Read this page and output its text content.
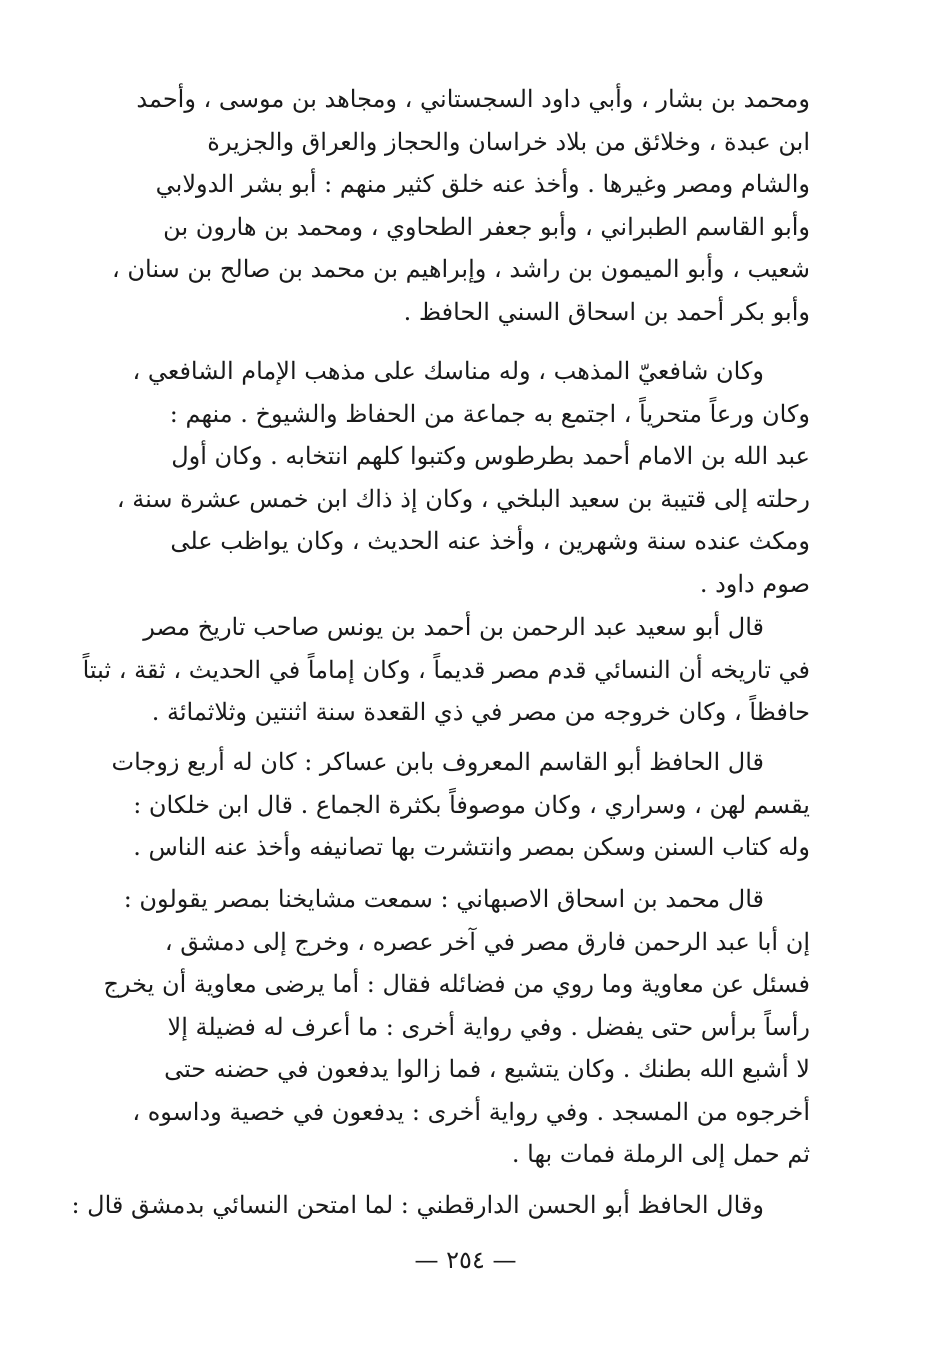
ومحمد بن بشار ، وأبي داود السجستاني ، ومجاهد بن موسى ، وأحمد
ابن عبدة ، وخلائق من بلاد خراسان والحجاز والعراق والجزيرة
والشام ومصر وغيرها . وأخذ عنه خلق كثير منهم : أبو بشر الدولابي
وأبو القاسم الطبراني ، وأبو جعفر الطحاوي ، ومحمد بن هارون بن
شعيب ، وأبو الميمون بن راشد ، وإبراهيم بن محمد بن صالح بن سنان ،
وأبو بكر أحمد بن اسحاق السني الحافظ .

وكان شافعيّ المذهب ، وله مناسك على مذهب الإمام الشافعي ،
وكان ورعاً متحرياً ، اجتمع به جماعة من الحفاظ والشيوخ . منهم :
عبد الله بن الامام أحمد بطرطوس وكتبوا كلهم انتخابه . وكان أول
رحلته إلى قتيبة بن سعيد البلخي ، وكان إذ ذاك ابن خمس عشرة سنة ،
ومكث عنده سنة وشهرين ، وأخذ عنه الحديث ، وكان يواظب على
صوم داود .

قال أبو سعيد عبد الرحمن بن أحمد بن يونس صاحب تاريخ مصر
في تاريخه أن النسائي قدم مصر قديماً ، وكان إماماً في الحديث ، ثقة ، ثبتاً
حافظاً ، وكان خروجه من مصر في ذي القعدة سنة اثنتين وثلاثمائة .

قال الحافظ أبو القاسم المعروف بابن عساكر : كان له أربع زوجات
يقسم لهن ، وسراري ، وكان موصوفاً بكثرة الجماع . قال ابن خلكان :
وله كتاب السنن وسكن بمصر وانتشرت بها تصانيفه وأخذ عنه الناس .

قال محمد بن اسحاق الاصبهاني : سمعت مشايخنا بمصر يقولون :
إن أبا عبد الرحمن فارق مصر في آخر عصره ، وخرج إلى دمشق ،
فسئل عن معاوية وما روي من فضائله فقال : أما يرضى معاوية أن يخرج
رأساً برأس حتى يفضل . وفي رواية أخرى : ما أعرف له فضيلة إلا
لا أشبع الله بطنك . وكان يتشيع ، فما زالوا يدفعون في حضنه حتى
أخرجوه من المسجد . وفي رواية أخرى : يدفعون في خصية وداسوه ،
ثم حمل إلى الرملة فمات بها .

وقال الحافظ أبو الحسن الدارقطني : لما امتحن النسائي بدمشق قال :

— ٢٥٤ —
